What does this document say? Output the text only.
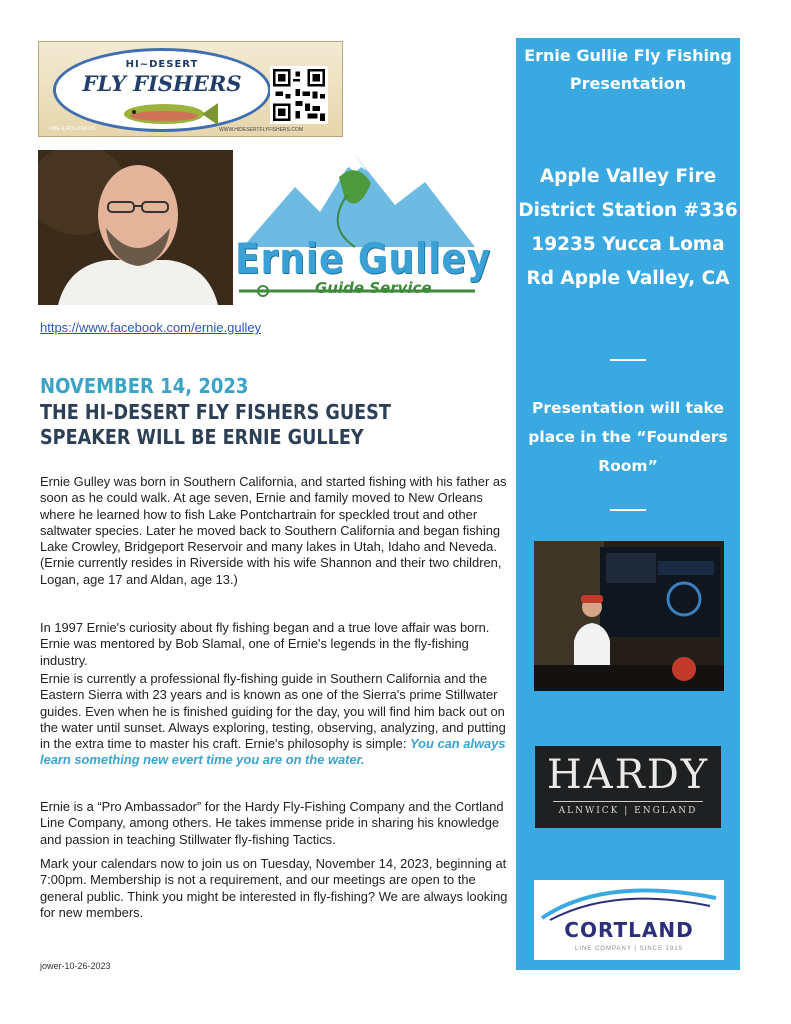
HI~DESERT
FLY FISHERS
LIKE & FOLLOW US	WWW.HIDESERTFLYFISHERS.COM
Ernie Gulley
Guide Service
https://www.facebook.com/ernie.gulley
NOVEMBER 14, 2023
THE HI-DESERT FLY FISHERS GUEST SPEAKER WILL BE ERNIE GULLEY

Ernie Gulley was born in Southern California, and started fishing with his father as soon as he could walk. At age seven, Ernie and family moved to New Orleans where he learned how to fish Lake Pontchartrain for speckled trout and other saltwater species. Later he moved back to Southern California and began fishing Lake Crowley, Bridgeport Reservoir and many lakes in Utah, Idaho and Neveda. (Ernie currently resides in Riverside with his wife Shannon and their two children, Logan, age 17 and Aldan, age 13.)

In 1997 Ernie's curiosity about fly fishing began and a true love affair was born. Ernie was mentored by Bob Slamal, one of Ernie's legends in the fly-fishing industry.

Ernie is currently a professional fly-fishing guide in Southern California and the Eastern Sierra with 23 years and is known as one of the Sierra's prime Stillwater guides. Even when he is finished guiding for the day, you will find him back out on the water until sunset. Always exploring, testing, observing, analyzing, and putting in the extra time to master his craft. Ernie's philosophy is simple: You can always learn something new evert time you are on the water.

Ernie is a “Pro Ambassador” for the Hardy Fly-Fishing Company and the Cortland Line Company, among others. He takes immense pride in sharing his knowledge and passion in teaching Stillwater fly-fishing Tactics.

Mark your calendars now to join us on Tuesday, November 14, 2023, beginning at 7:00pm. Membership is not a requirement, and our meetings are open to the general public. Think you might be interested in fly-fishing? We are always looking for new members.

jower-10-26-2023
Ernie Gullie Fly Fishing Presentation
Apple Valley Fire District Station #336 19235 Yucca Loma Rd Apple Valley, CA
Presentation will take place in the “Founders Room”
HARDY
ALNWICK | ENGLAND
CORTLAND
LINE COMPANY | SINCE 1915
